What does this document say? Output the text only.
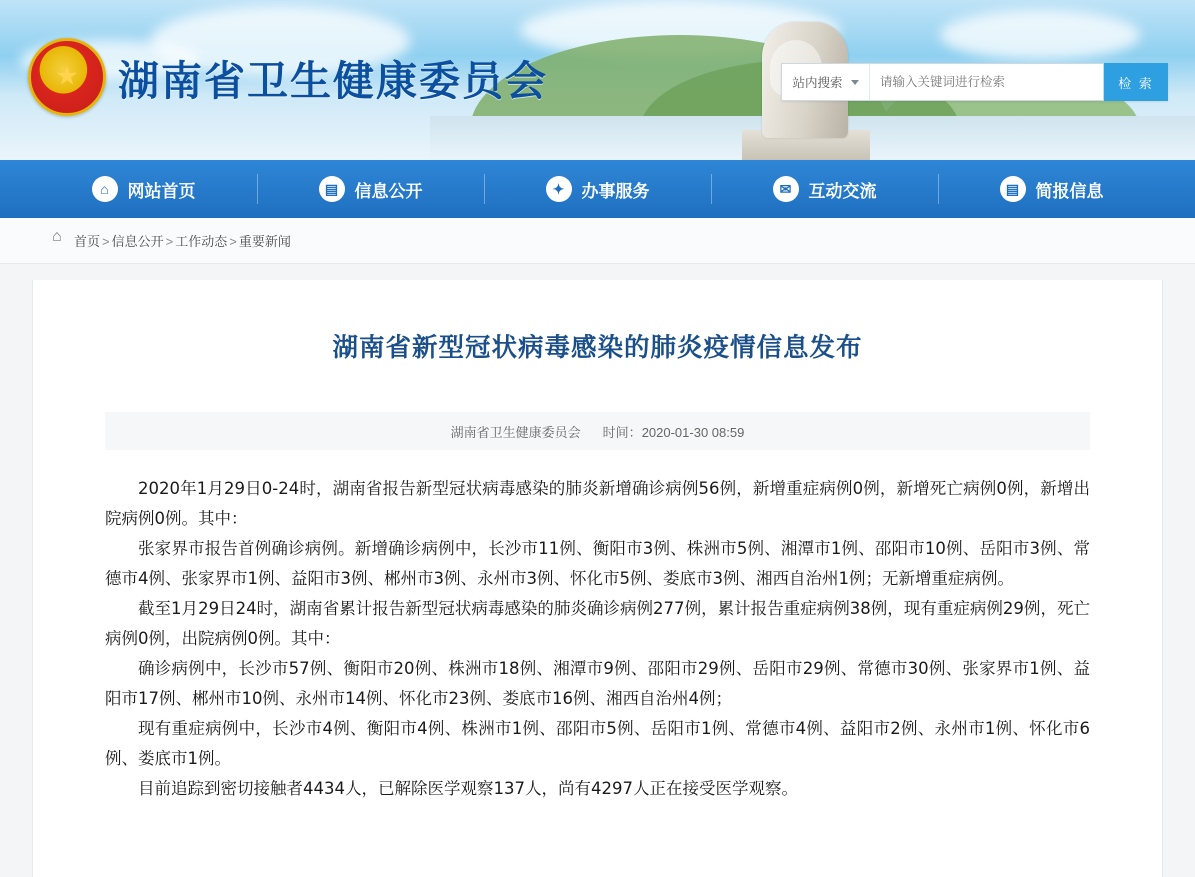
★ 湖南省卫生健康委员会	站内搜索
请输入关键词进行检索	检 索
⌂	网站首页	▤ 信息公开	✦	办事服务	✉	互动交流	▤ 简报信息
⌂
首页 > 信息公开 > 工作动态 > 重要新闻
湖南省新型冠状病毒感染的肺炎疫情信息发布
湖南省卫生健康委员会 时间：2020-01-30 08:59

2020年1月29日0-24时，湖南省报告新型冠状病毒感染的肺炎新增确诊病例56例，新增重症病例0例，新增死亡病例0例，新增出院病例0例。其中：

张家界市报告首例确诊病例。新增确诊病例中，长沙市11例、衡阳市3例、株洲市5例、湘潭市1例、邵阳市10例、岳阳市3例、常德市4例、张家界市1例、益阳市3例、郴州市3例、永州市3例、怀化市5例、娄底市3例、湘西自治州1例；无新增重症病例。

截至1月29日24时，湖南省累计报告新型冠状病毒感染的肺炎确诊病例277例，累计报告重症病例38例，现有重症病例29例，死亡病例0例，出院病例0例。其中：

确诊病例中，长沙市57例、衡阳市20例、株洲市18例、湘潭市9例、邵阳市29例、岳阳市29例、常德市30例、张家界市1例、益阳市17例、郴州市10例、永州市14例、怀化市23例、娄底市16例、湘西自治州4例；

现有重症病例中，长沙市4例、衡阳市4例、株洲市1例、邵阳市5例、岳阳市1例、常德市4例、益阳市2例、永州市1例、怀化市6例、娄底市1例。

目前追踪到密切接触者4434人，已解除医学观察137人，尚有4297人正在接受医学观察。
